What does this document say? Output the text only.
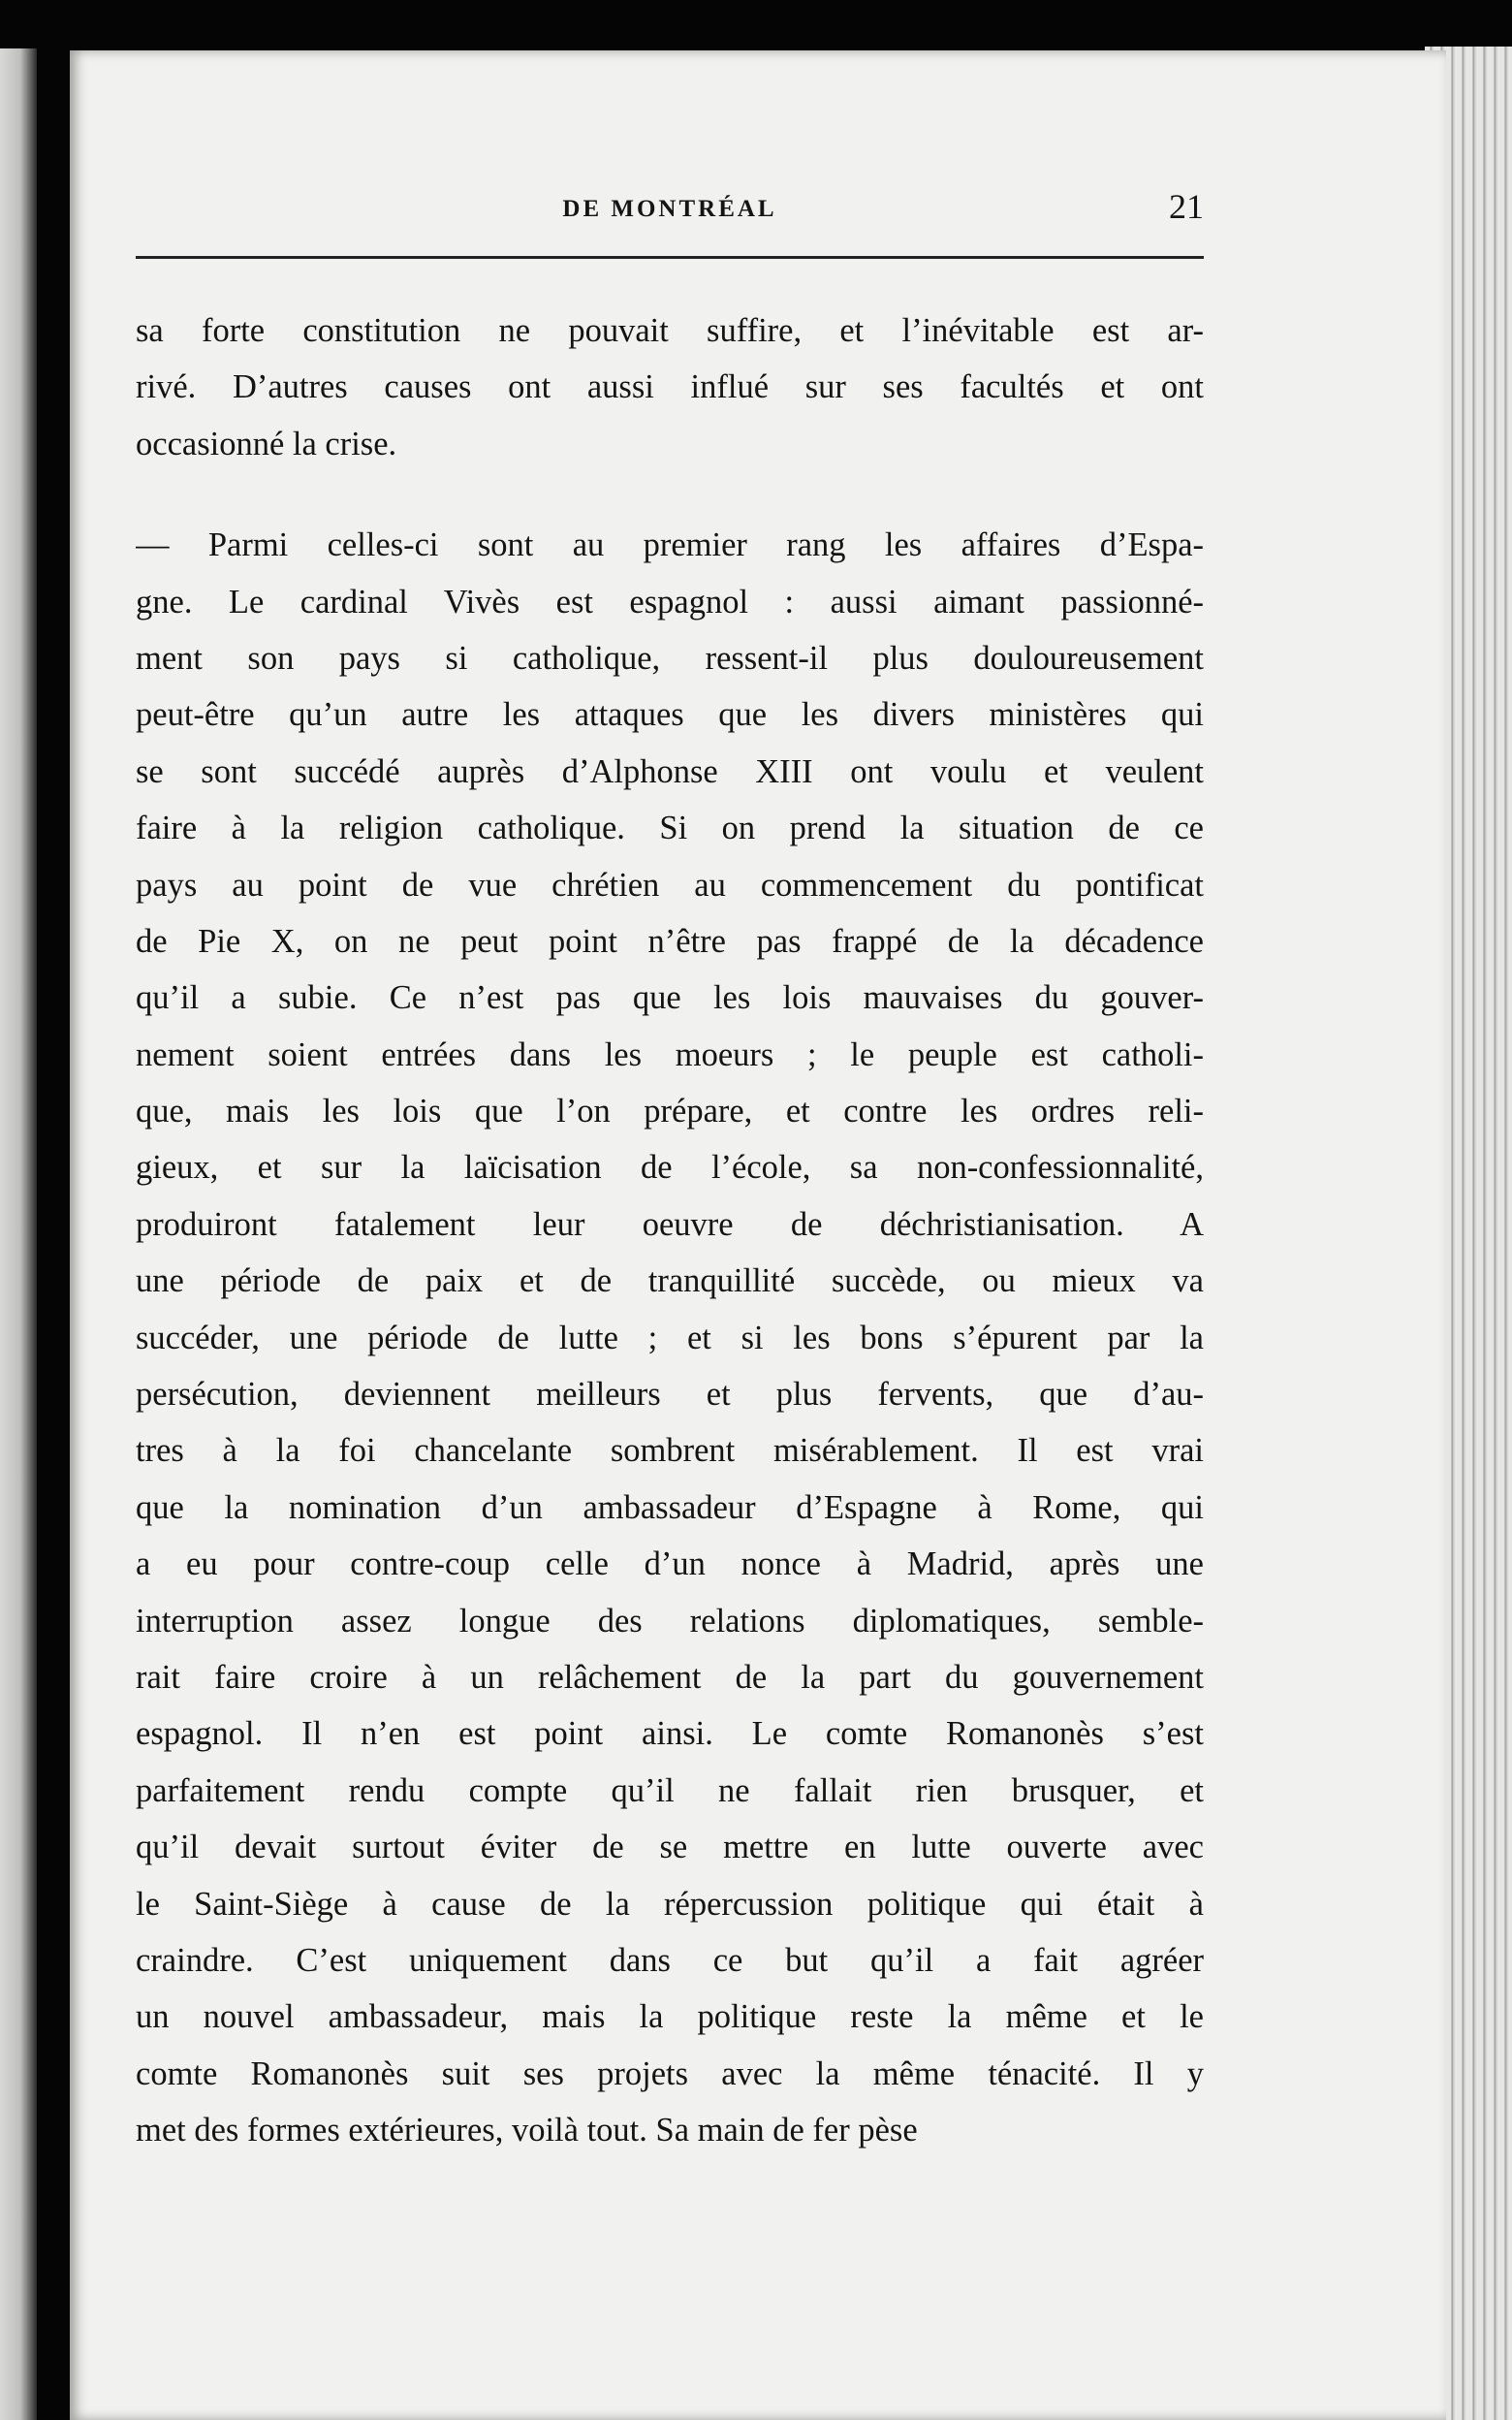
DE MONTRÉAL	21
sa forte constitution ne pouvait suffire, et l’inévitable est ar-
rivé. D’autres causes ont aussi influé sur ses facultés et ont
occasionné la crise.
— Parmi celles-ci sont au premier rang les affaires d’Espa-
gne. Le cardinal Vivès est espagnol : aussi aimant passionné-
ment son pays si catholique, ressent-il plus douloureusement
peut-être qu’un autre les attaques que les divers ministères qui
se sont succédé auprès d’Alphonse XIII ont voulu et veulent
faire à la religion catholique. Si on prend la situation de ce
pays au point de vue chrétien au commencement du pontificat
de Pie X, on ne peut point n’être pas frappé de la décadence
qu’il a subie. Ce n’est pas que les lois mauvaises du gouver-
nement soient entrées dans les moeurs ; le peuple est catholi-
que, mais les lois que l’on prépare, et contre les ordres reli-
gieux, et sur la laïcisation de l’école, sa non-confessionnalité,
produiront fatalement leur oeuvre de déchristianisation. A
une période de paix et de tranquillité succède, ou mieux va
succéder, une période de lutte ; et si les bons s’épurent par la
persécution, deviennent meilleurs et plus fervents, que d’au-
tres à la foi chancelante sombrent misérablement. Il est vrai
que la nomination d’un ambassadeur d’Espagne à Rome, qui
a eu pour contre-coup celle d’un nonce à Madrid, après une
interruption assez longue des relations diplomatiques, semble-
rait faire croire à un relâchement de la part du gouvernement
espagnol. Il n’en est point ainsi. Le comte Romanonès s’est
parfaitement rendu compte qu’il ne fallait rien brusquer, et
qu’il devait surtout éviter de se mettre en lutte ouverte avec
le Saint-Siège à cause de la répercussion politique qui était à
craindre. C’est uniquement dans ce but qu’il a fait agréer
un nouvel ambassadeur, mais la politique reste la même et le
comte Romanonès suit ses projets avec la même ténacité. Il y
met des formes extérieures, voilà tout. Sa main de fer pèse
